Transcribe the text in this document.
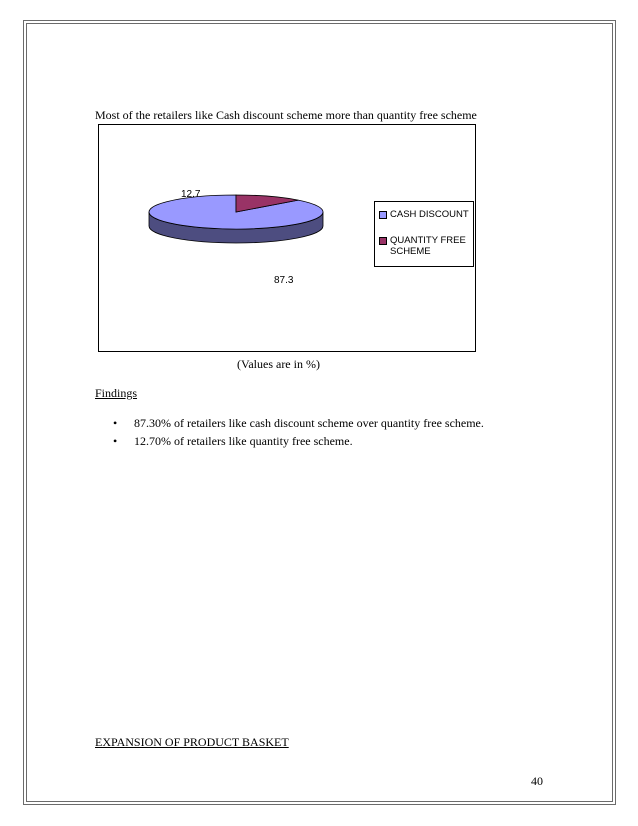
Most of the retailers like Cash discount scheme more than quantity free scheme
12.7
87.3
CASH DISCOUNT
QUANTITY FREE SCHEME
(Values are in %)
Findings
• 87.30% of retailers like cash discount scheme over quantity free scheme.
• 12.70% of retailers like quantity free scheme.
EXPANSION OF PRODUCT BASKET
40
